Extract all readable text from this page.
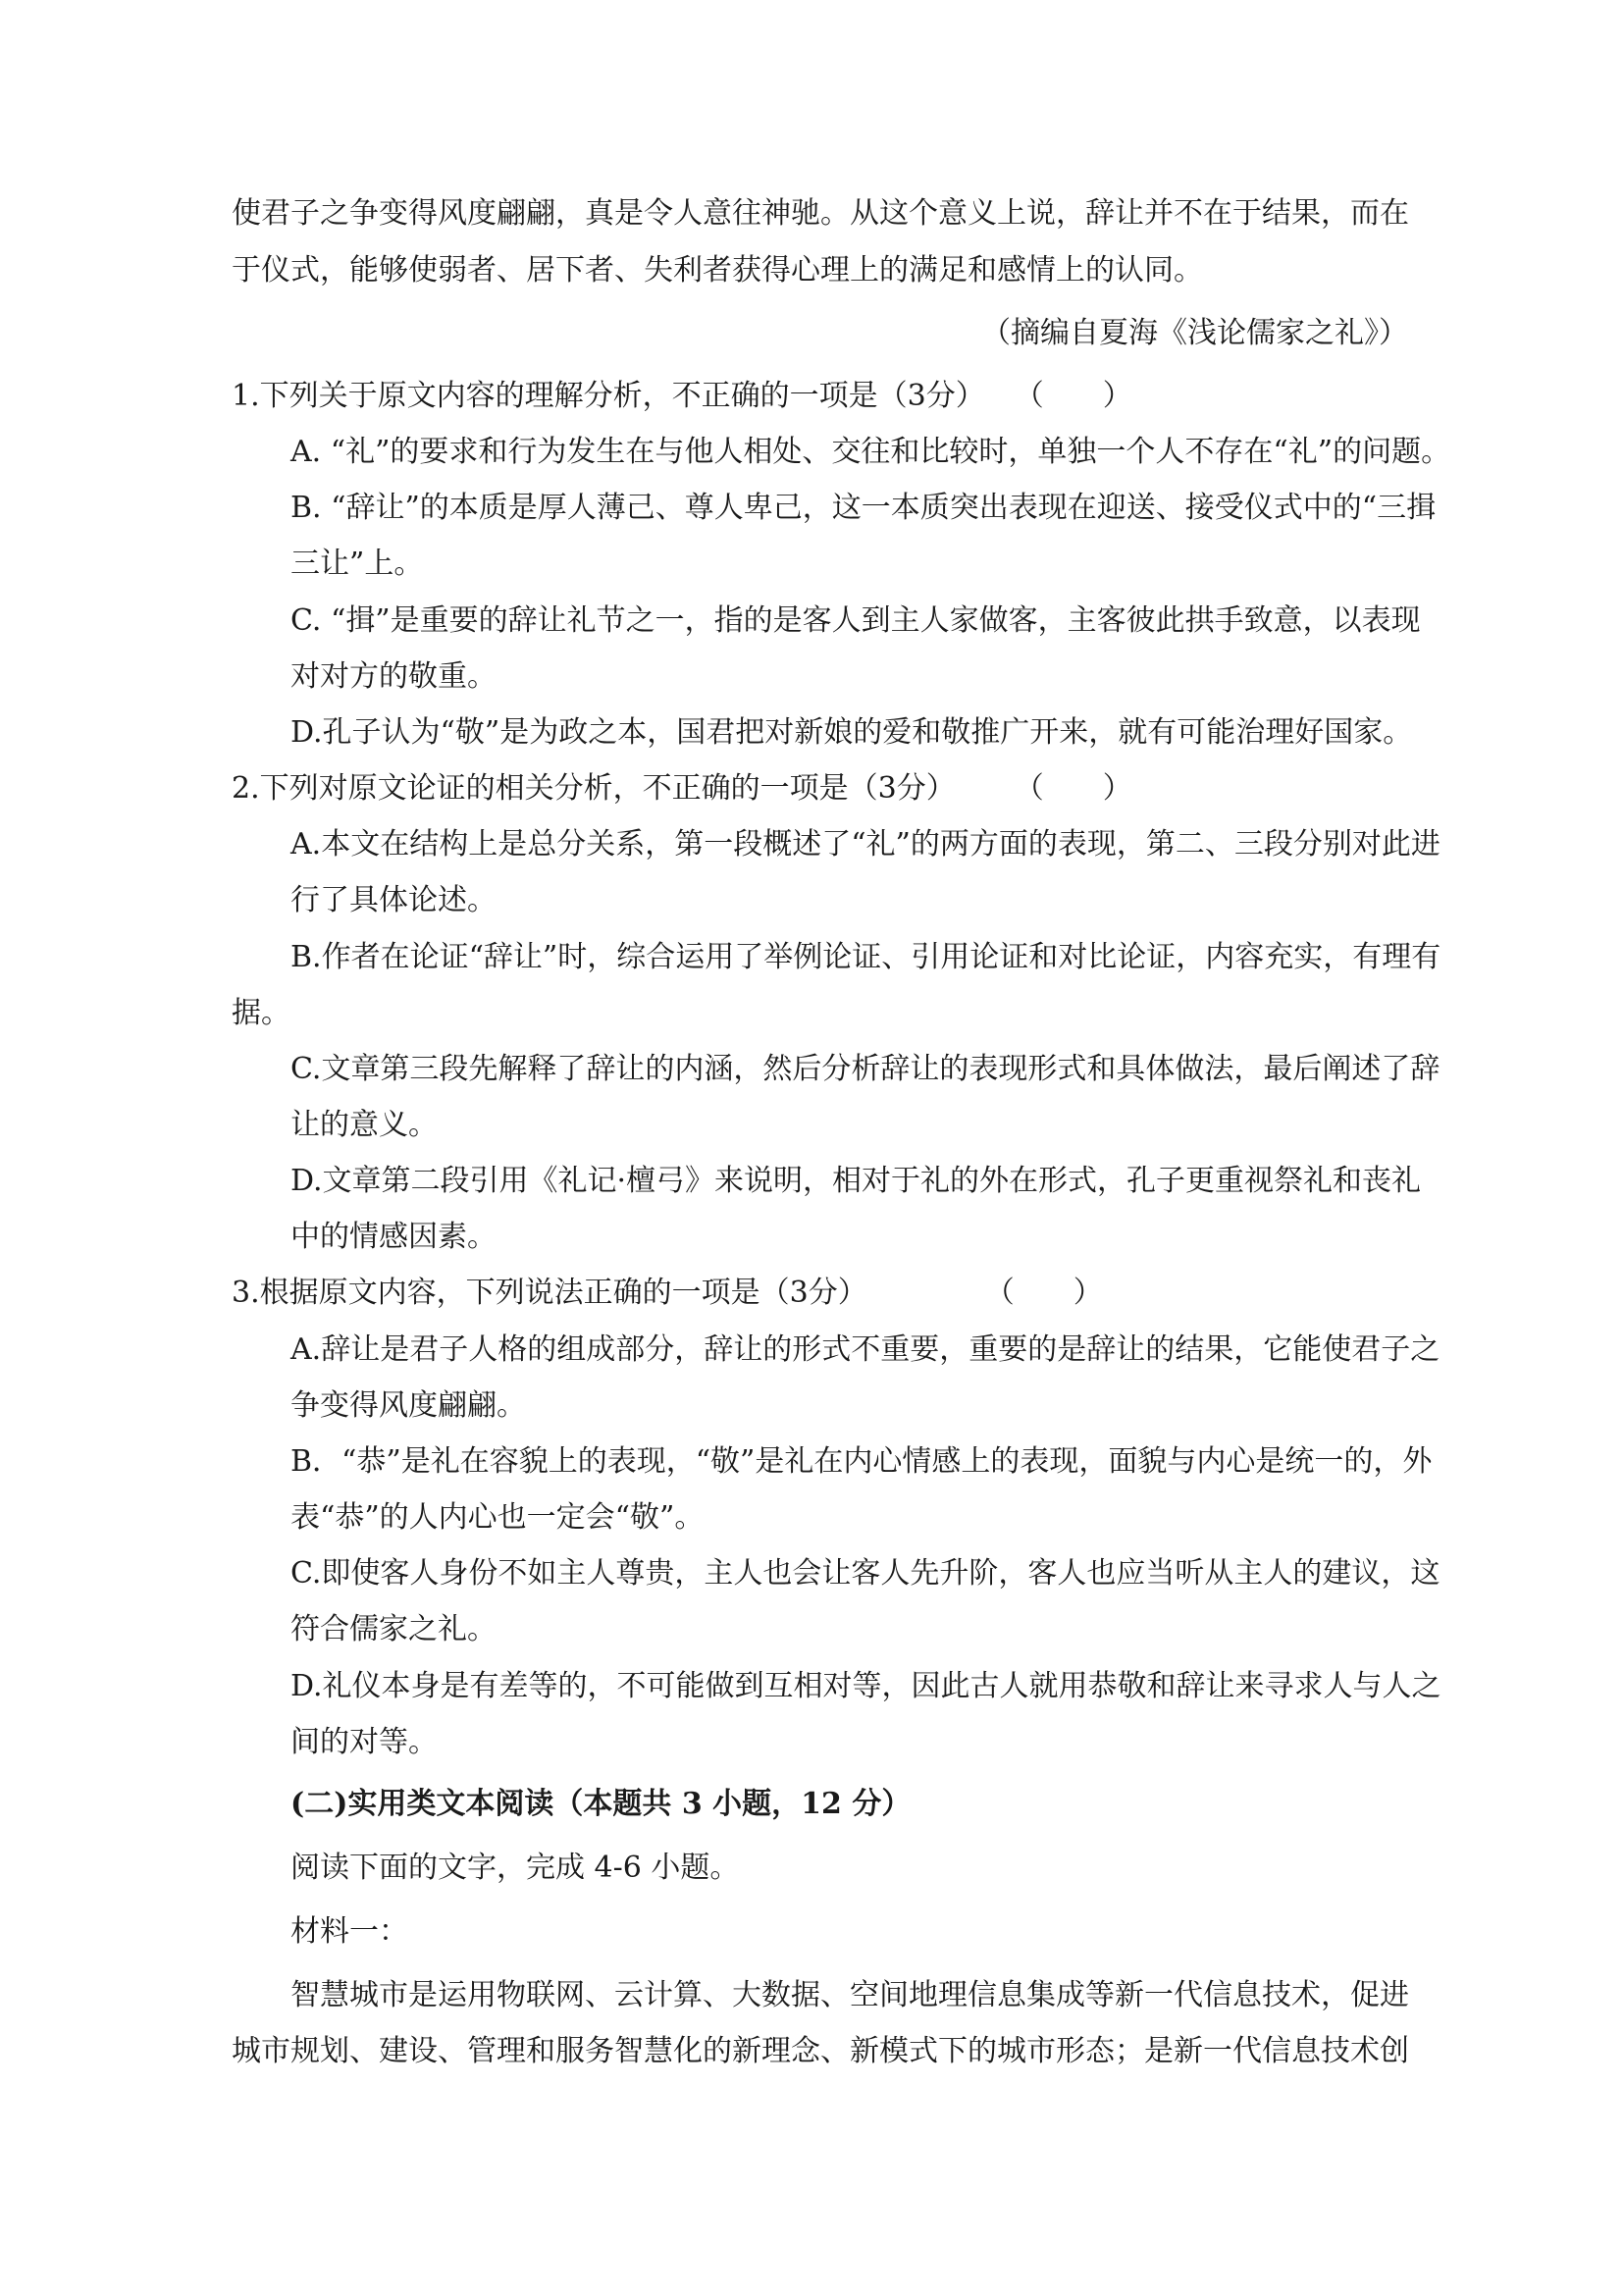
使君子之争变得风度翩翩，真是令人意往神驰。从这个意义上说，辞让并不在于结果，而在

于仪式，能够使弱者、居下者、失利者获得心理上的满足和感情上的认同。

（摘编自夏海《浅论儒家之礼》）

1.下列关于原文内容的理解分析，不正确的一项是（3分）　　（　　）

A. “礼”的要求和行为发生在与他人相处、交往和比较时，单独一个人不存在“礼”的问题。

B. “辞让”的本质是厚人薄己、尊人卑己，这一本质突出表现在迎送、接受仪式中的“三揖

三让”上。

C. “揖”是重要的辞让礼节之一，指的是客人到主人家做客，主客彼此拱手致意，以表现

对对方的敬重。

D.孔子认为“敬”是为政之本，国君把对新娘的爱和敬推广开来，就有可能治理好国家。

2.下列对原文论证的相关分析，不正确的一项是（3分）　　　（　　）

A.本文在结构上是总分关系，第一段概述了“礼”的两方面的表现，第二、三段分别对此进

行了具体论述。

B.作者在论证“辞让”时，综合运用了举例论证、引用论证和对比论证，内容充实，有理有

据。

C.文章第三段先解释了辞让的内涵，然后分析辞让的表现形式和具体做法，最后阐述了辞

让的意义。

D.文章第二段引用《礼记·檀弓》来说明，相对于礼的外在形式，孔子更重视祭礼和丧礼

中的情感因素。

3.根据原文内容，下列说法正确的一项是（3分）　　　　　（　　）

A.辞让是君子人格的组成部分，辞让的形式不重要，重要的是辞让的结果，它能使君子之

争变得风度翩翩。

B．“恭”是礼在容貌上的表现，“敬”是礼在内心情感上的表现，面貌与内心是统一的，外

表“恭”的人内心也一定会“敬”。

C.即使客人身份不如主人尊贵，主人也会让客人先升阶，客人也应当听从主人的建议，这

符合儒家之礼。

D.礼仪本身是有差等的，不可能做到互相对等，因此古人就用恭敬和辞让来寻求人与人之

间的对等。

(二)实用类文本阅读（本题共 3 小题，12 分）

阅读下面的文字，完成 4-6 小题。

材料一：

智慧城市是运用物联网、云计算、大数据、空间地理信息集成等新一代信息技术，促进

城市规划、建设、管理和服务智慧化的新理念、新模式下的城市形态；是新一代信息技术创
